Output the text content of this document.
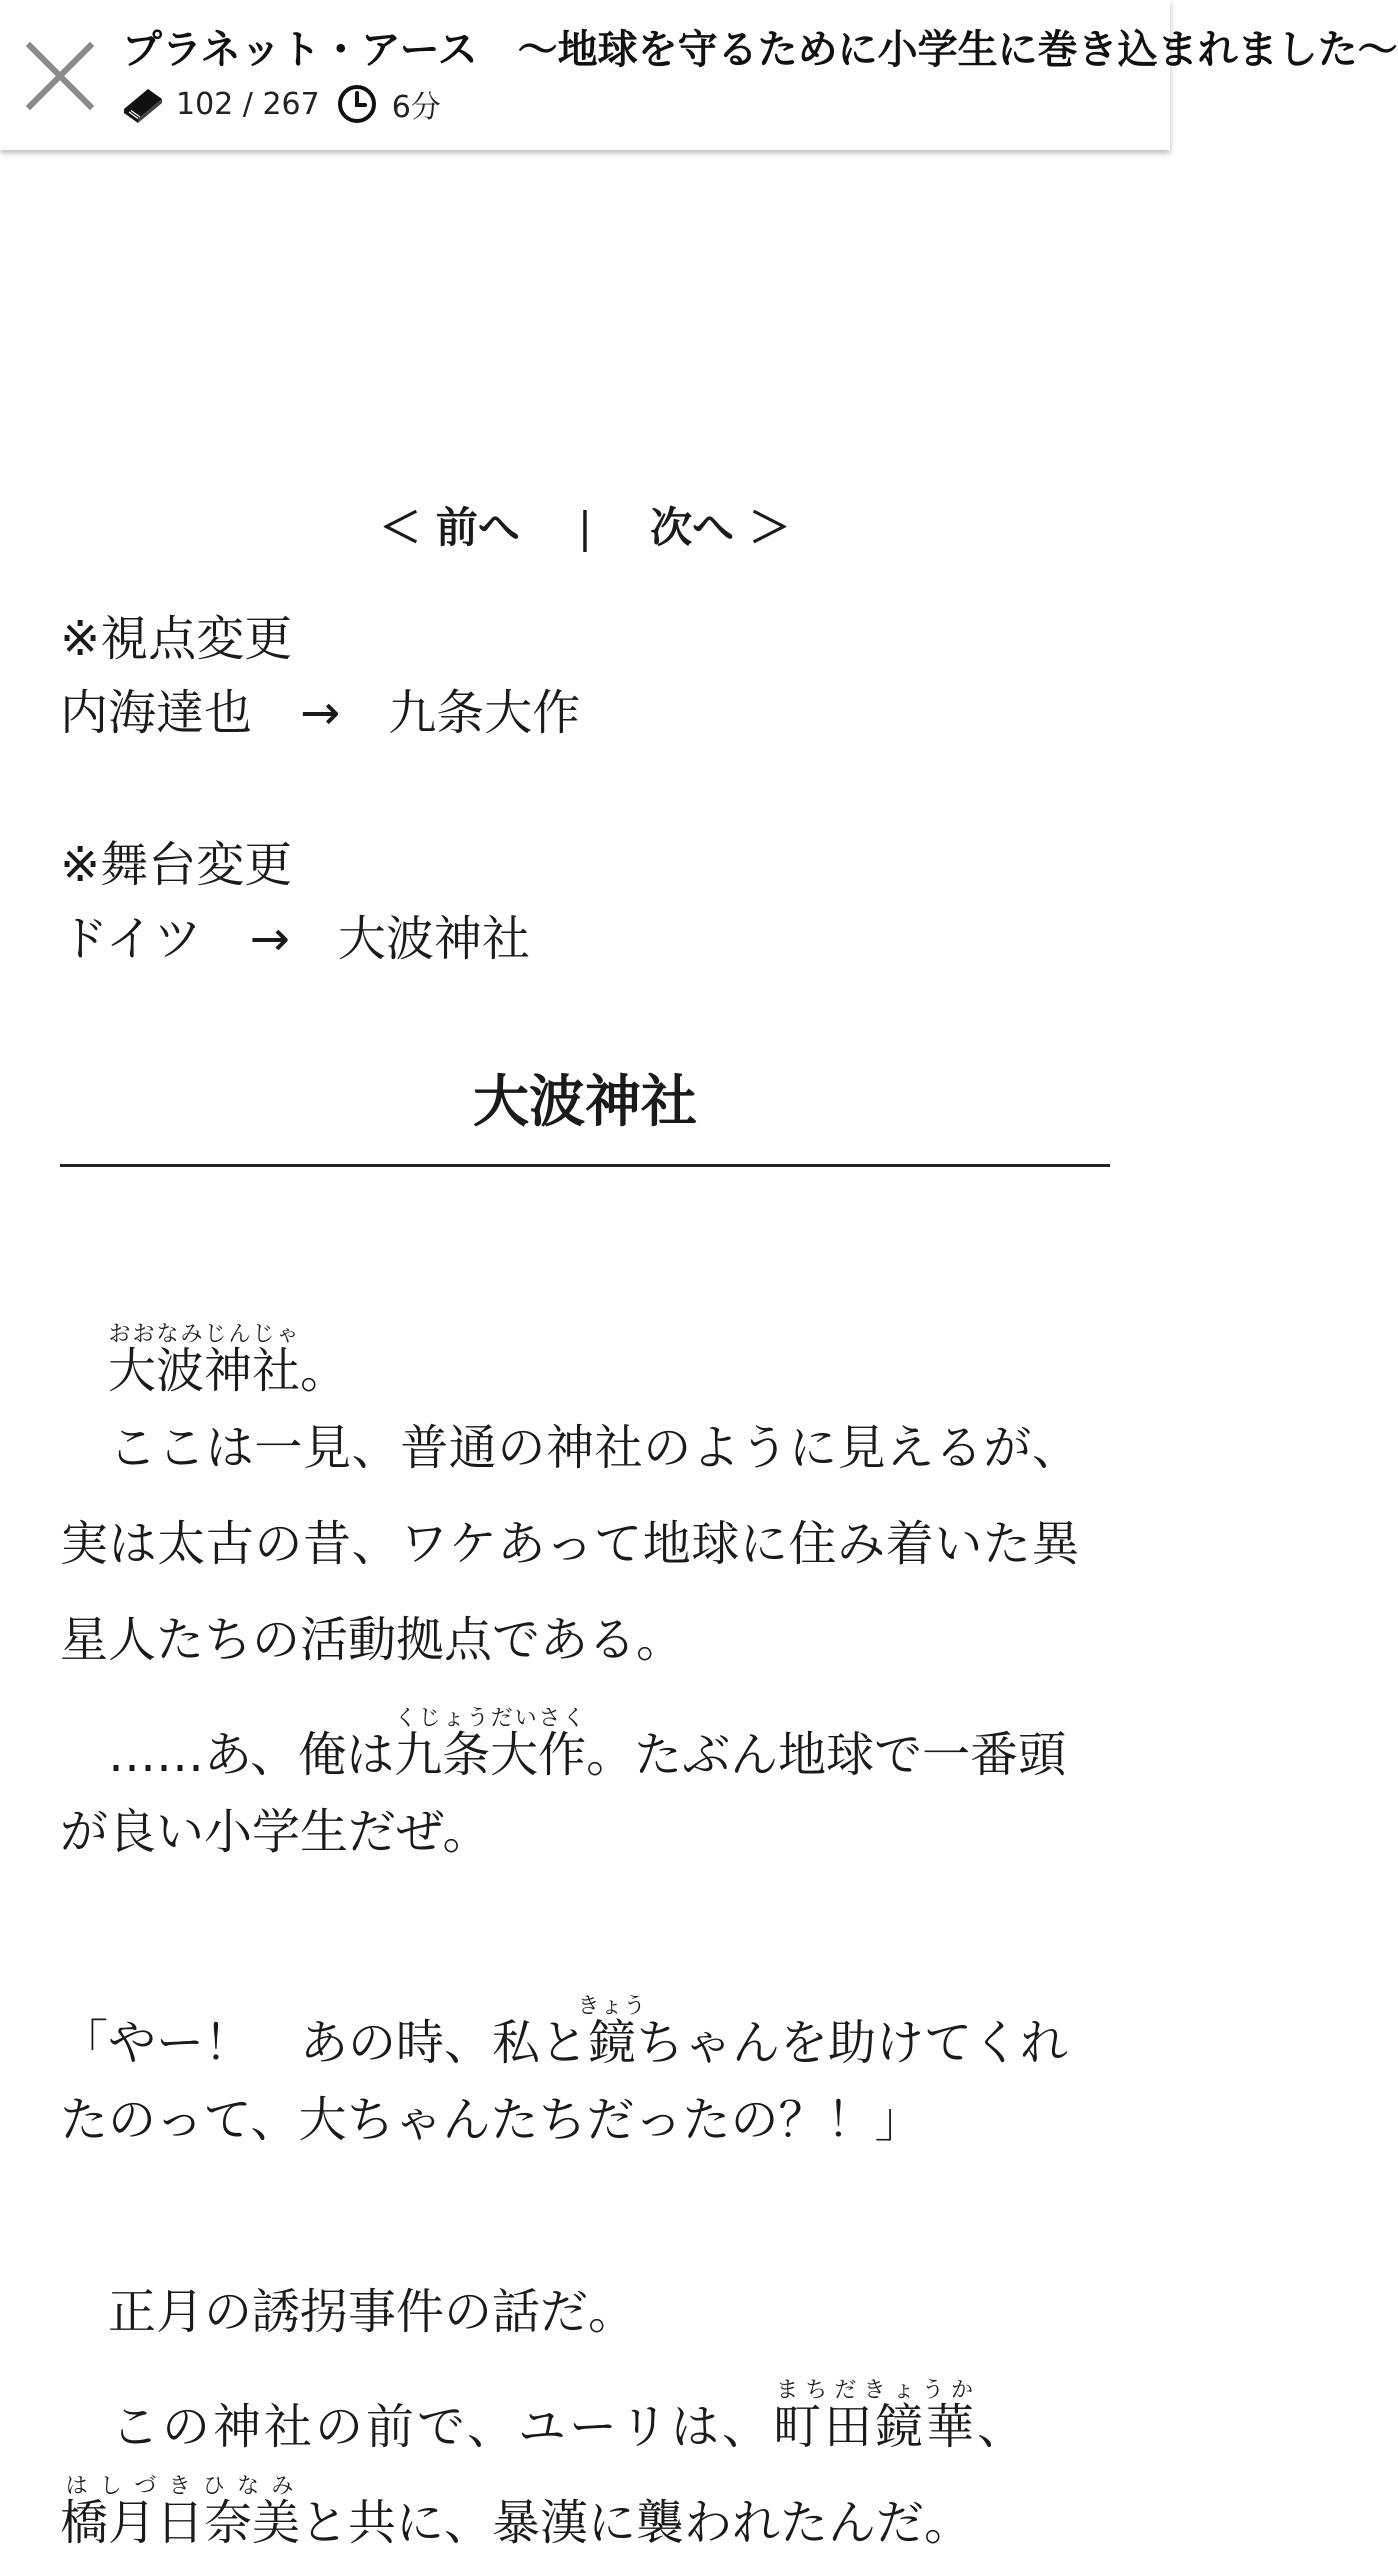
プラネット・アース　～地球を守るために小学生に巻き込まれました～
102 / 267 6分
＜ 前へ | 次へ ＞
※視点変更
内海達也　→　九条大作
※舞台変更
ドイツ　→　大波神社
大波神社
　大波神社おおなみじんじゃ。
　ここは一見、普通の神社のように見えるが、
実は太古の昔、ワケあって地球に住み着いた異
星人たちの活動拠点である。
　……あ、俺は九条大作くじょうだいさく。たぶん地球で一番頭
が良い小学生だぜ。
「やー！　あの時、私と鏡きょうちゃんを助けてくれ
たのって、大ちゃんたちだったの？！」
　正月の誘拐事件の話だ。
　この神社の前で、ユーリは、町田鏡華まちだきょうか、
橋月日奈美はしづきひなみと共に、暴漢に襲われたんだ。
